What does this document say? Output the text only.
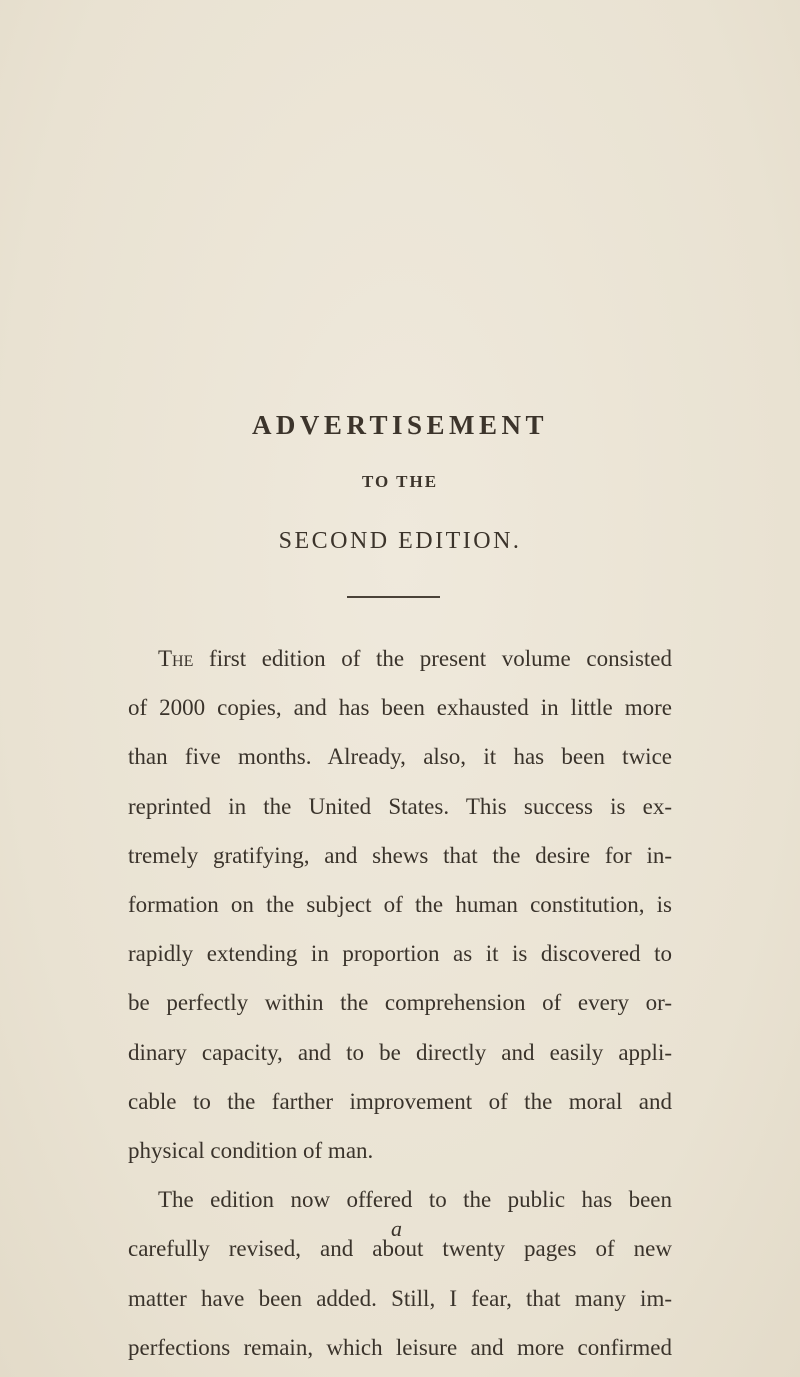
ADVERTISEMENT
TO THE
SECOND EDITION.
The first edition of the present volume consisted
of 2000 copies, and has been exhausted in little more
than five months. Already, also, it has been twice
reprinted in the United States. This success is ex-
tremely gratifying, and shews that the desire for in-
formation on the subject of the human constitution, is
rapidly extending in proportion as it is discovered to
be perfectly within the comprehension of every or-
dinary capacity, and to be directly and easily appli-
cable to the farther improvement of the moral and
physical condition of man.
The edition now offered to the public has been
carefully revised, and about twenty pages of new
matter have been added. Still, I fear, that many im-
perfections remain, which leisure and more confirmed
a
